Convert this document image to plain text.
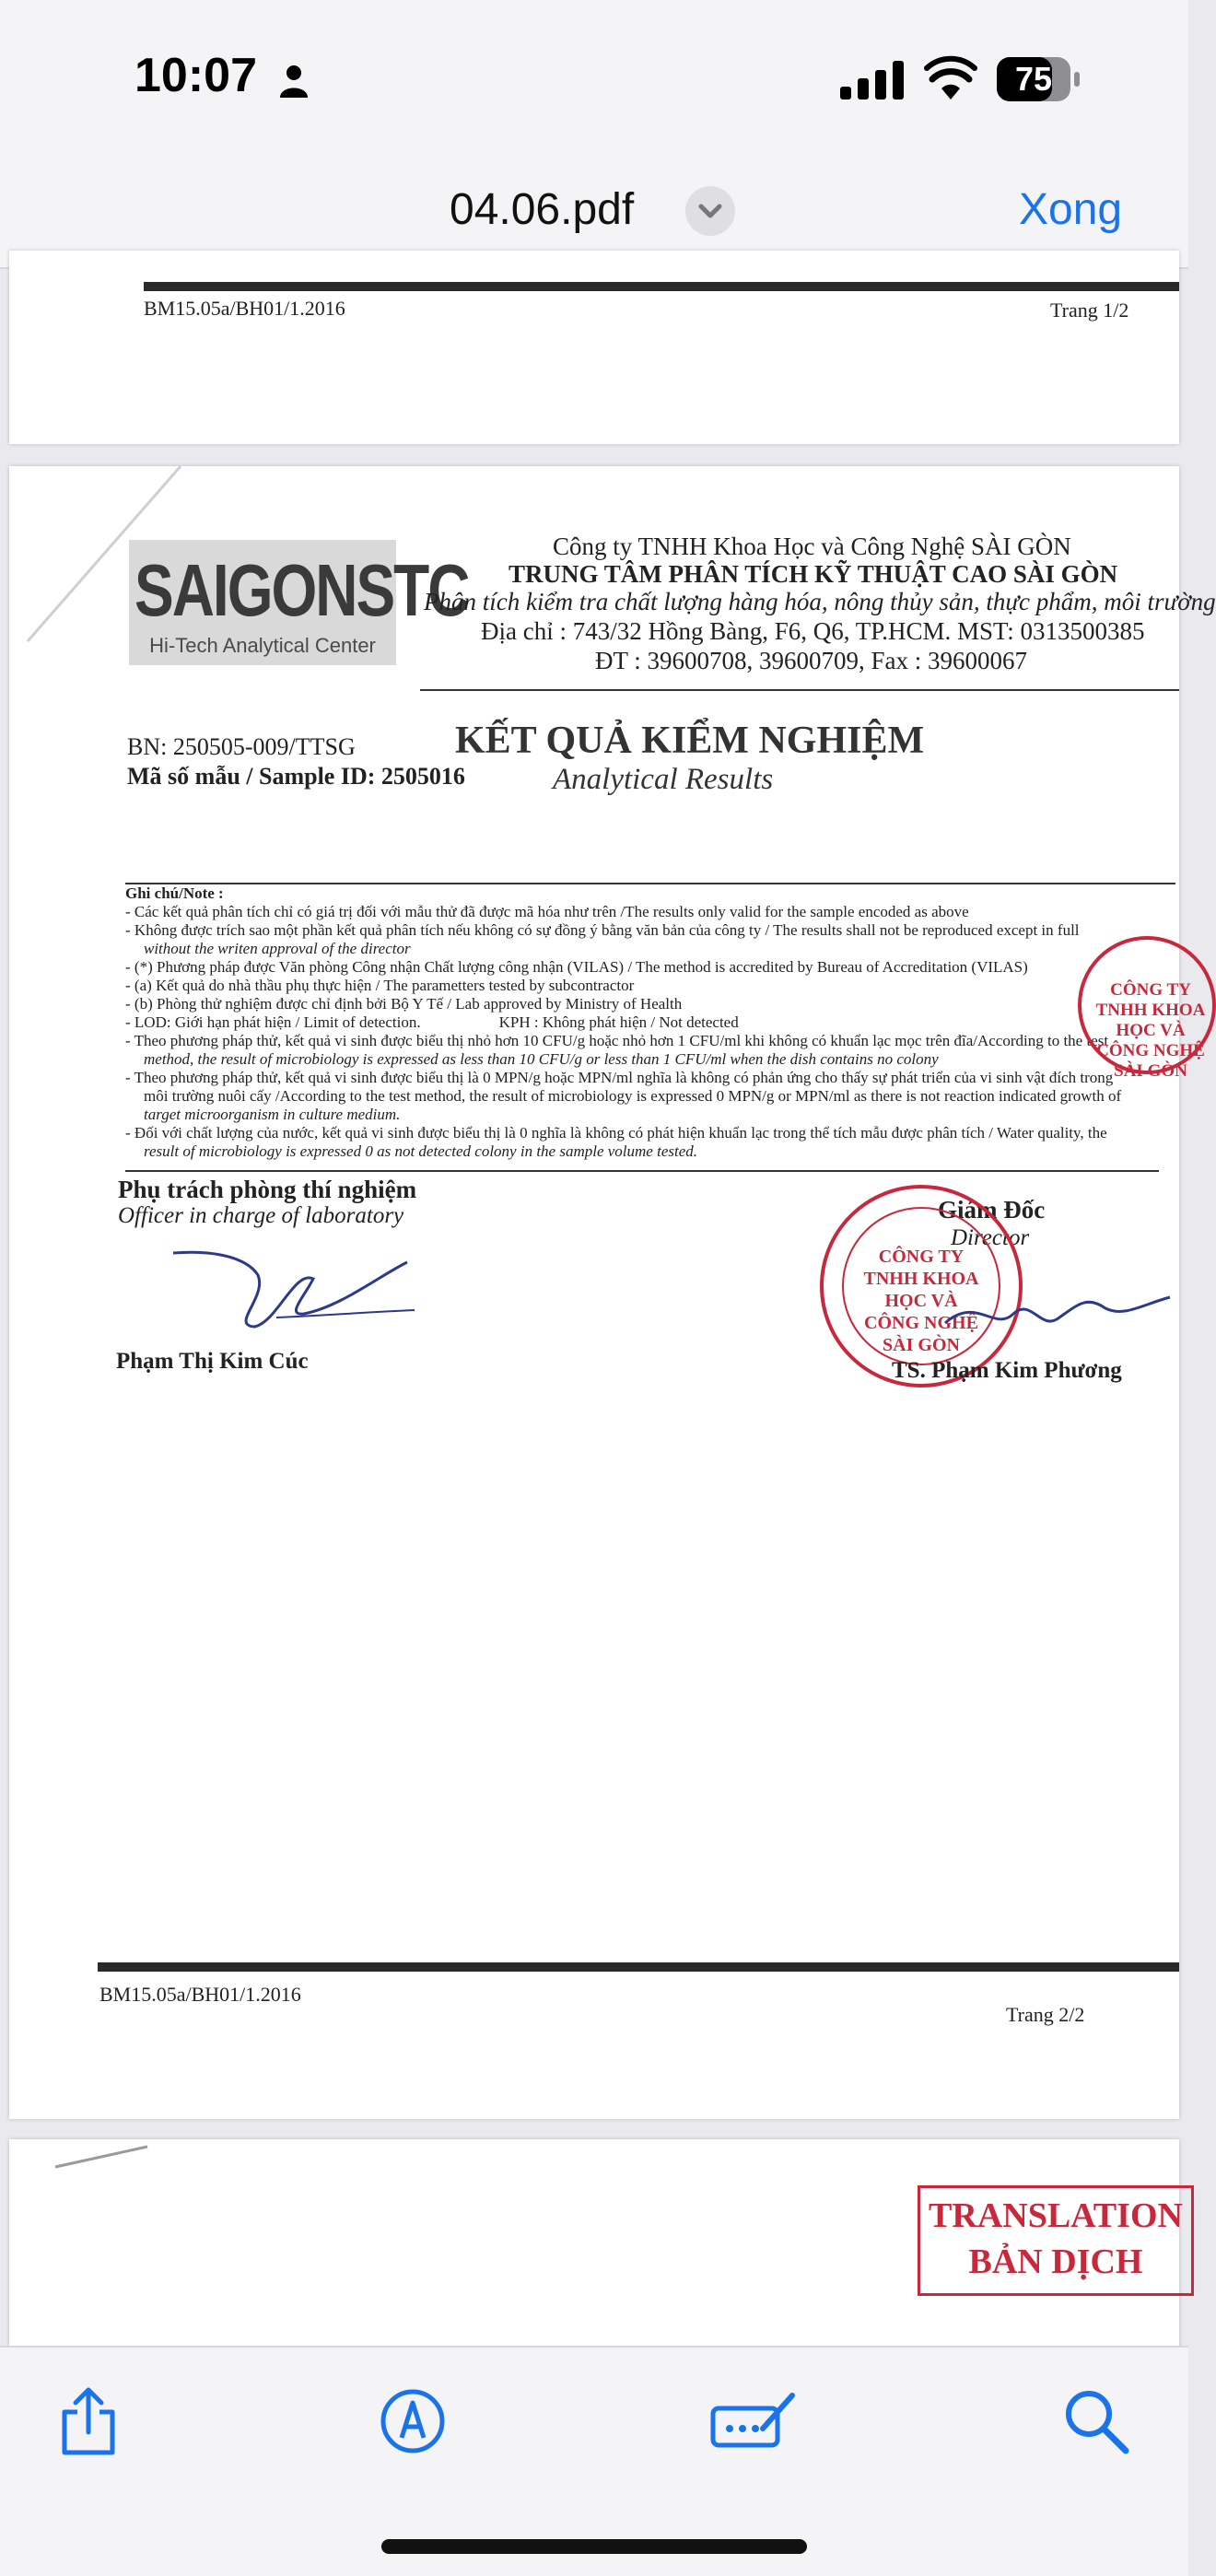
10:07	75
04.06.pdf	Xong
BM15.05a/BH01/1.2016	Trang 1/2
SAIGONSTC
Hi-Tech Analytical Center
Công ty TNHH Khoa Học và Công Nghệ SÀI GÒN
TRUNG TÂM PHÂN TÍCH KỸ THUẬT CAO SÀI GÒN
Phân tích kiểm tra chất lượng hàng hóa, nông thủy sản, thực phẩm, môi trường
Địa chỉ : 743/32 Hồng Bàng, F6, Q6, TP.HCM. MST: 0313500385
ĐT : 39600708, 39600709, Fax : 39600067
BN: 250505-009/TTSG
Mã số mẫu / Sample ID: 2505016
KẾT QUẢ KIỂM NGHIỆM
Analytical Results
Ghi chú/Note :
- Các kết quả phân tích chỉ có giá trị đối với mẫu thử đã được mã hóa như trên /The results only valid for the sample encoded as above
- Không được trích sao một phần kết quả phân tích nếu không có sự đồng ý bằng văn bản của công ty / The results shall not be reproduced except in full
without the writen approval of the director
- (*) Phương pháp được Văn phòng Công nhận Chất lượng công nhận (VILAS) / The method is accredited by Bureau of Accreditation (VILAS)
- (a) Kết quả do nhà thầu phụ thực hiện / The parametters tested by subcontractor
- (b) Phòng thử nghiệm được chỉ định bởi Bộ Y Tế / Lab approved by Ministry of Health
- LOD: Giới hạn phát hiện / Limit of detection.                    KPH : Không phát hiện / Not detected
- Theo phương pháp thử, kết quả vi sinh được biểu thị nhỏ hơn 10 CFU/g hoặc nhỏ hơn 1 CFU/ml khi không có khuẩn lạc mọc trên đĩa/According to the test
method, the result of microbiology is expressed as less than 10 CFU/g or less than 1 CFU/ml when the dish contains no colony
- Theo phương pháp thử, kết quả vi sinh được biểu thị là 0 MPN/g hoặc MPN/ml nghĩa là không có phản ứng cho thấy sự phát triển của vi sinh vật đích trong
môi trường nuôi cấy /According to the test method, the result of microbiology is expressed 0 MPN/g or MPN/ml as there is not reaction indicated growth of
target microorganism in culture medium.
- Đối với chất lượng của nước, kết quả vi sinh được biểu thị là 0 nghĩa là không có phát hiện khuẩn lạc trong thể tích mẫu được phân tích / Water quality, the
result of microbiology is expressed 0 as not detected colony in the sample volume tested.
CÔNG TY TNHH KHOA HỌC VÀ CÔNG NGHỆ SÀI GÒN
Phụ trách phòng thí nghiệm
Officer in charge of laboratory
Phạm Thị Kim Cúc
Giám Đốc
Director
CÔNG TY TNHH KHOA HỌC VÀ CÔNG NGHỆ SÀI GÒN
TS. Phạm Kim Phương
BM15.05a/BH01/1.2016
Trang 2/2
TRANSLATION
BẢN DỊCH
